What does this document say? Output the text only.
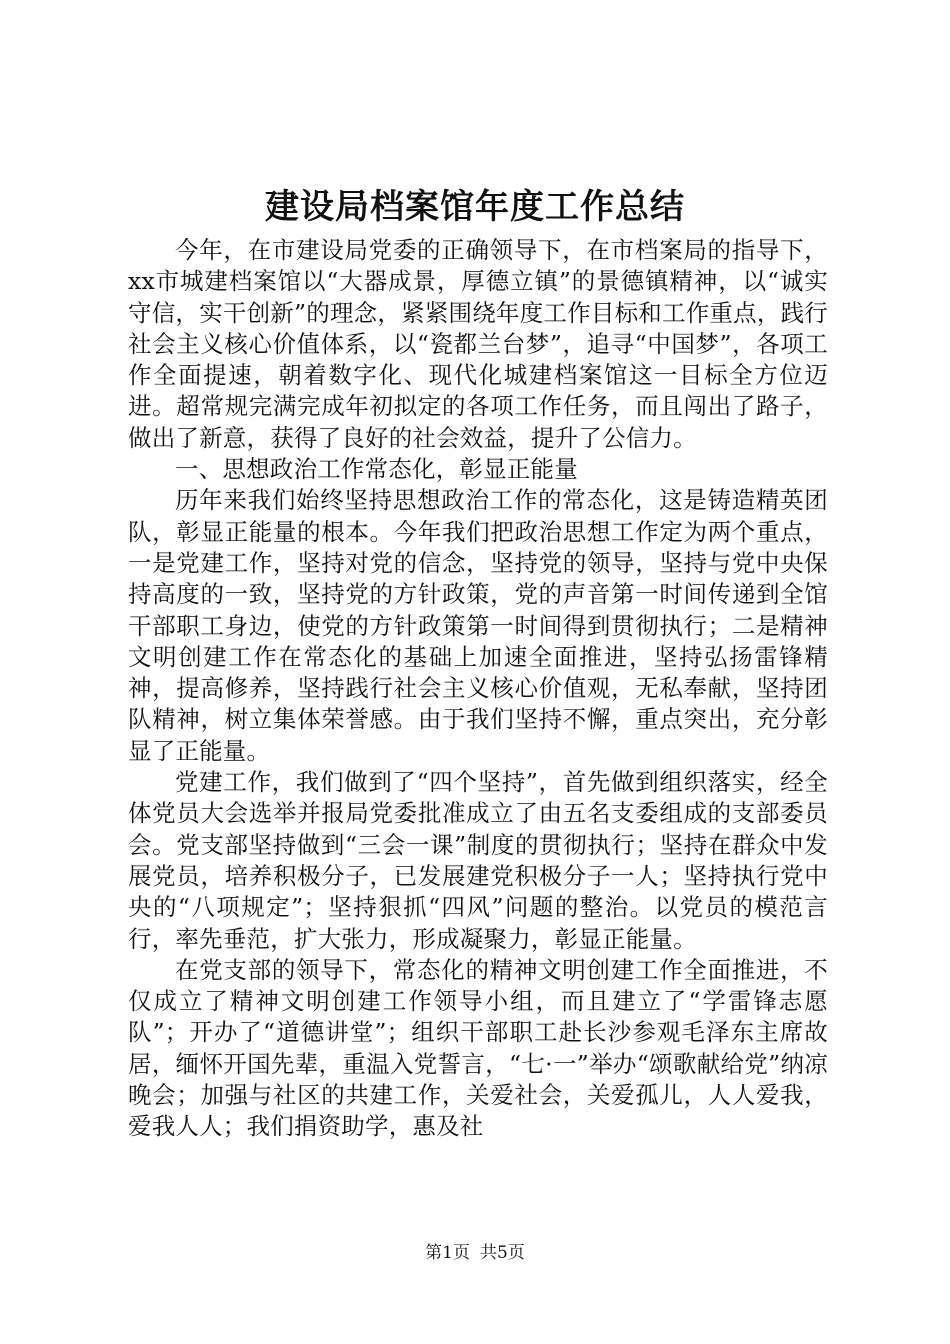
建设局档案馆年度工作总结

今年，在市建设局党委的正确领导下，在市档案局的指导下，xx市城建档案馆以“大器成景，厚德立镇”的景德镇精神，以“诚实守信，实干创新”的理念，紧紧围绕年度工作目标和工作重点，践行社会主义核心价值体系，以“瓷都兰台梦”，追寻“中国梦”，各项工作全面提速，朝着数字化、现代化城建档案馆这一目标全方位迈进。超常规完满完成年初拟定的各项工作任务，而且闯出了路子，做出了新意，获得了良好的社会效益，提升了公信力。

一、思想政治工作常态化，彰显正能量

历年来我们始终坚持思想政治工作的常态化，这是铸造精英团队，彰显正能量的根本。今年我们把政治思想工作定为两个重点，一是党建工作，坚持对党的信念，坚持党的领导，坚持与党中央保持高度的一致，坚持党的方针政策，党的声音第一时间传递到全馆干部职工身边，使党的方针政策第一时间得到贯彻执行；二是精神文明创建工作在常态化的基础上加速全面推进，坚持弘扬雷锋精神，提高修养，坚持践行社会主义核心价值观，无私奉献，坚持团队精神，树立集体荣誉感。由于我们坚持不懈，重点突出，充分彰显了正能量。

党建工作，我们做到了“四个坚持”，首先做到组织落实，经全体党员大会选举并报局党委批准成立了由五名支委组成的支部委员会。党支部坚持做到“三会一课”制度的贯彻执行；坚持在群众中发展党员，培养积极分子，已发展建党积极分子一人；坚持执行党中央的“八项规定”；坚持狠抓“四风”问题的整治。以党员的模范言行，率先垂范，扩大张力，形成凝聚力，彰显正能量。

在党支部的领导下，常态化的精神文明创建工作全面推进，不仅成立了精神文明创建工作领导小组，而且建立了“学雷锋志愿队”；开办了“道德讲堂”；组织干部职工赴长沙参观毛泽东主席故居，缅怀开国先辈，重温入党誓言，“七·一”举办“颂歌献给党”纳凉晚会；加强与社区的共建工作，关爱社会，关爱孤儿，人人爱我，爱我人人；我们捐资助学，惠及社

第1页 共5页
